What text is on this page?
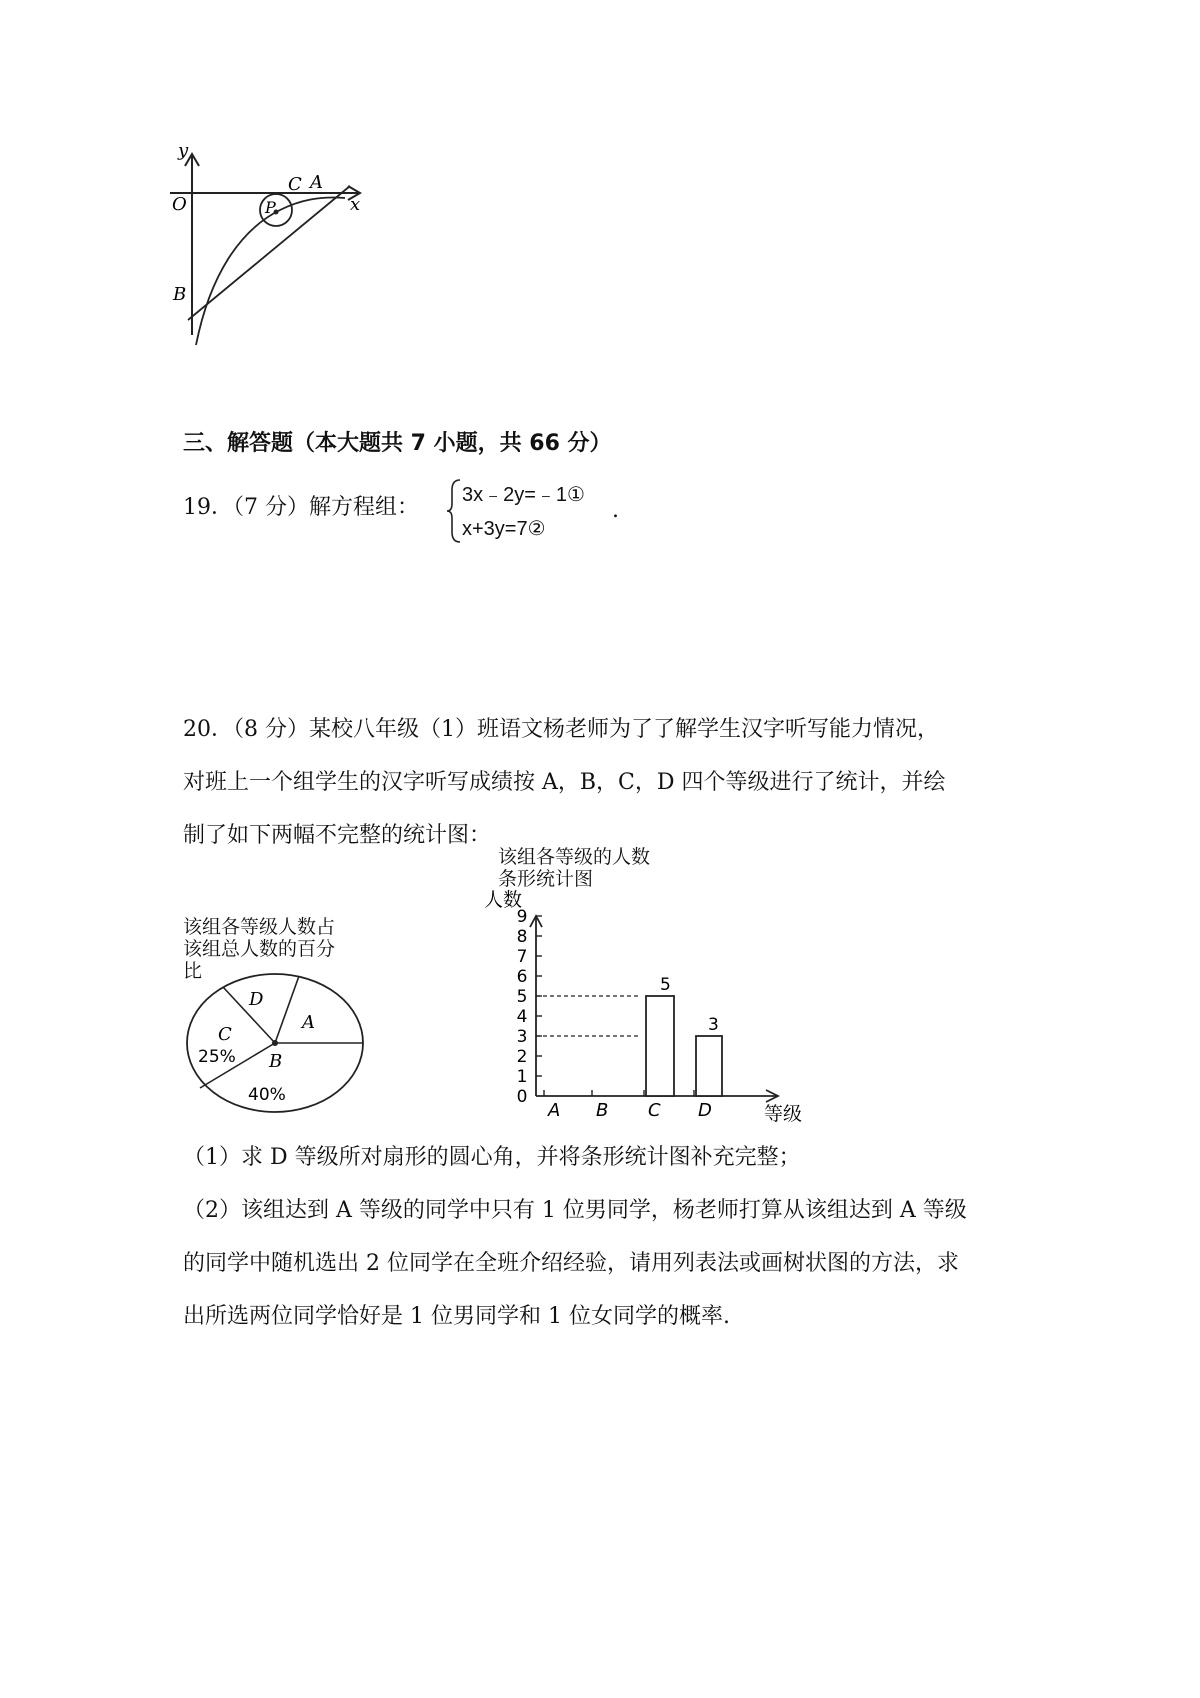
y
x
O
C A
P
B
三、解答题（本大题共 7 小题，共 66 分）
19．（7 分）解方程组： 3x﹣2y=﹣1①
x+3y=7②
.
20．（8 分）某校八年级（1）班语文杨老师为了了解学生汉字听写能力情况，
对班上一个组学生的汉字听写成绩按 A，B，C，D 四个等级进行了统计，并绘
制了如下两幅不完整的统计图：
该组各等级人数占
该组总人数的百分
比
A
B
40%
C
25%
D
该组各等级的人数
条形统计图
人数
等级
0
1
2
3
4
5
6
7
8
9
A B C
5
D
3
（1）求 D 等级所对扇形的圆心角，并将条形统计图补充完整；
（2）该组达到 A 等级的同学中只有 1 位男同学，杨老师打算从该组达到 A 等级
的同学中随机选出 2 位同学在全班介绍经验，请用列表法或画树状图的方法，求
出所选两位同学恰好是 1 位男同学和 1 位女同学的概率.
